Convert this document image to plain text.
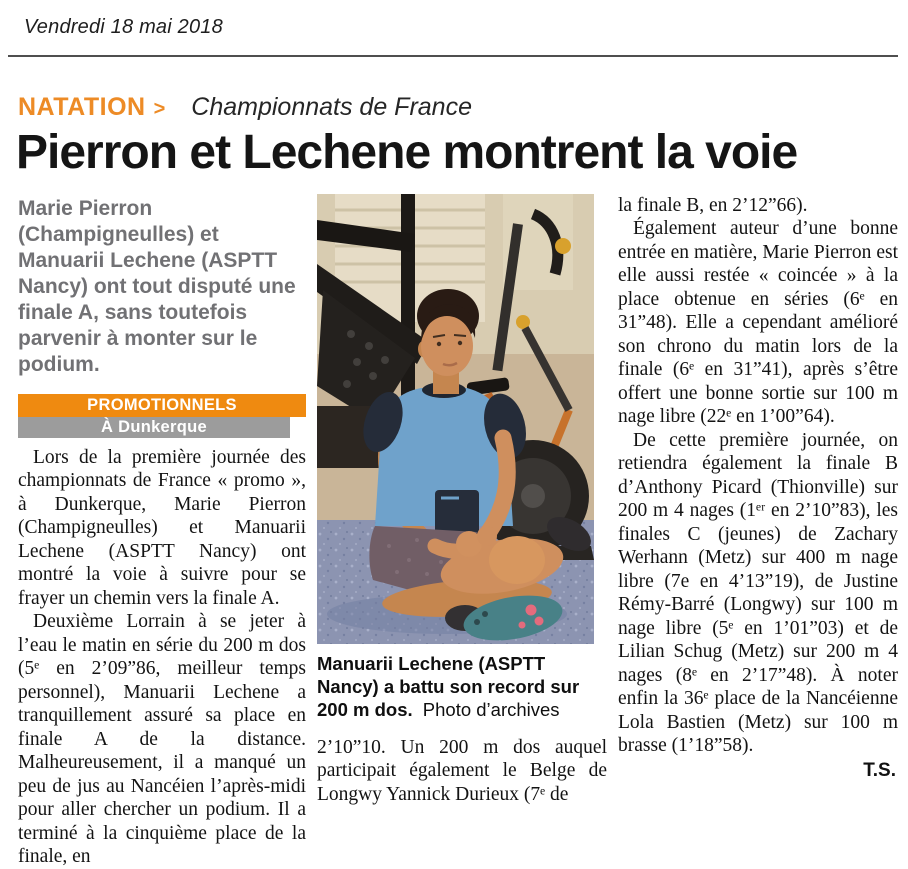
Vendredi 18 mai 2018
NATATION > Championnats de France
Pierron et Lechene montrent la voie

Marie Pierron (Champigneulles) et Manuarii Lechene (ASPTT Nancy) ont tout disputé une finale A, sans toutefois parvenir à monter sur le podium.

PROMOTIONNELS
À Dunkerque

Lors de la première journée des championnats de France « promo », à Dunkerque, Marie Pierron (Champigneulles) et Manuarii Lechene (ASPTT Nancy) ont montré la voie à suivre pour se frayer un chemin vers la finale A.

Deuxième Lorrain à se jeter à l’eau le matin en série du 200 m dos (5ᵉ en 2’09”86, meilleur temps personnel), Manuarii Lechene a tranquillement assuré sa place en finale A de la distance. Malheureusement, il a manqué un peu de jus au Nancéien l’après-midi pour aller chercher un podium. Il a terminé à la cinquième place de la finale, en

Manuarii Lechene (ASPTT Nancy) a battu son record sur 200 m dos. Photo d’archives

2’10”10. Un 200 m dos auquel participait également le Belge de Longwy Yannick Durieux (7ᵉ de

la finale B, en 2’12”66).

Également auteur d’une bonne entrée en matière, Marie Pierron est elle aussi restée « coincée » à la place obtenue en séries (6ᵉ en 31”48). Elle a cependant amélioré son chrono du matin lors de la finale (6ᵉ en 31”41), après s’être offert une bonne sortie sur 100 m nage libre (22ᵉ en 1’00”64).

De cette première journée, on retiendra également la finale B d’Anthony Picard (Thionville) sur 200 m 4 nages (1ᵉʳ en 2’10”83), les finales C (jeunes) de Zachary Werhann (Metz) sur 400 m nage libre (7e en 4’13”19), de Justine Rémy-Barré (Longwy) sur 100 m nage libre (5ᵉ en 1’01”03) et de Lilian Schug (Metz) sur 200 m 4 nages (8ᵉ en 2’17”48). À noter enfin la 36ᵉ place de la Nancéienne Lola Bastien (Metz) sur 100 m brasse (1’18”58).

T.S.
